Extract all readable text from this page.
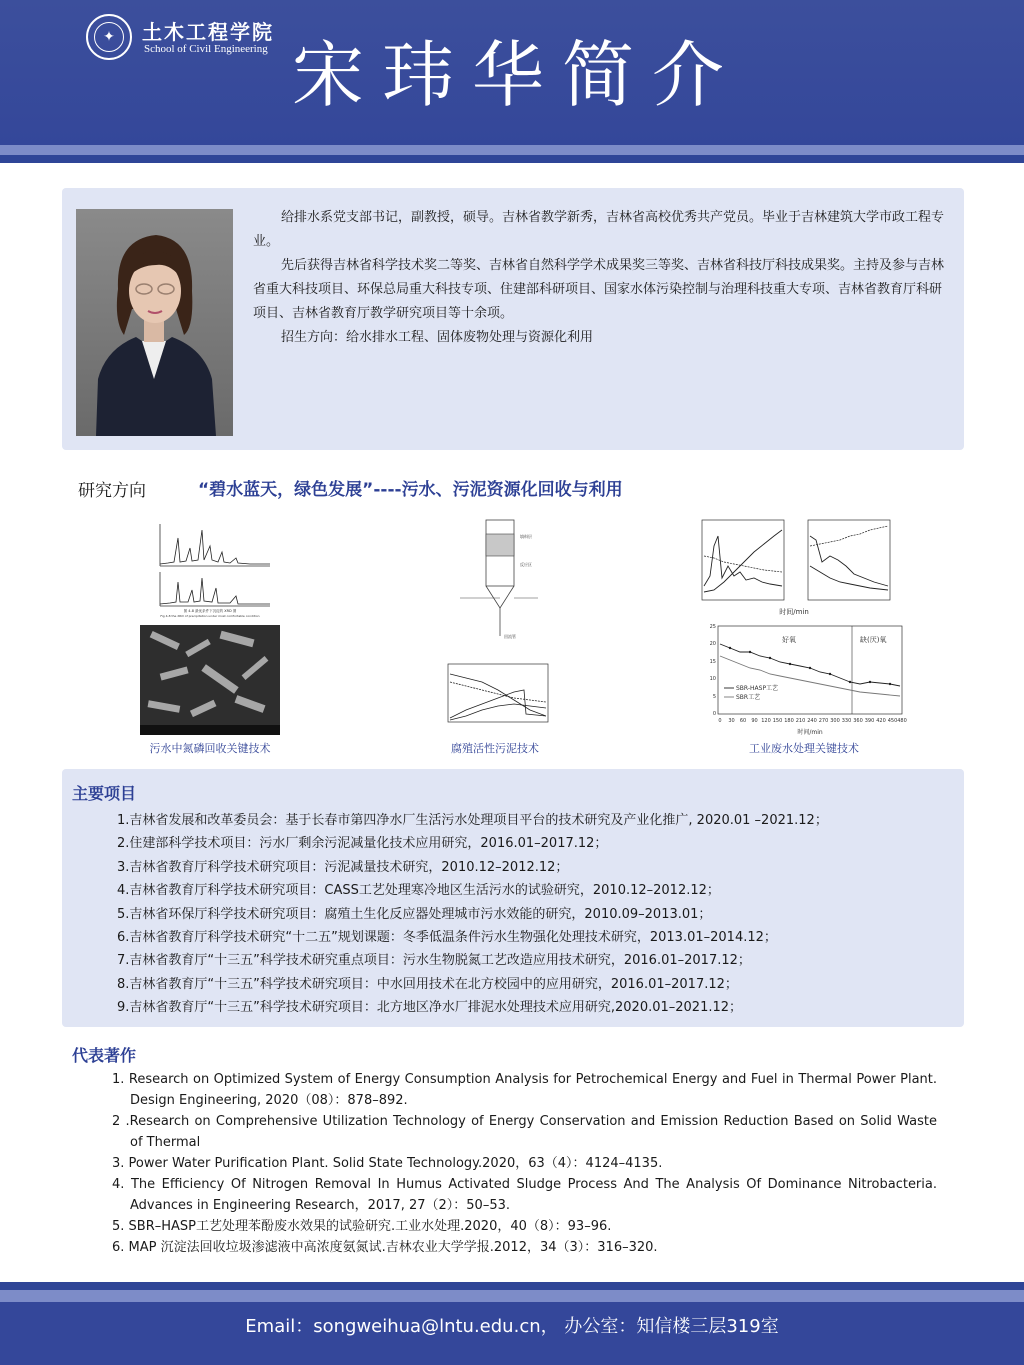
✦	土木工程学院
School of Civil Engineering 宋玮华简介

给排水系党支部书记，副教授，硕导。吉林省教学新秀，吉林省高校优秀共产党员。毕业于吉林建筑大学市政工程专业。

先后获得吉林省科学技术奖二等奖、吉林省自然科学学术成果奖三等奖、吉林省科技厅科技成果奖。主持及参与吉林省重大科技项目、环保总局重大科技专项、住建部科研项目、国家水体污染控制与治理科技重大专项、吉林省教育厅科研项目、吉林省教育厅教学研究项目等十余项。

招生方向：给水排水工程、固体废物处理与资源化利用

研究方向	“碧水蓝天，绿色发展”----污水、污泥资源化回收与利用
图 4-8 最优条件下沉淀的 XRD 图
Fig 4-8 the XRD of precipitation under most comfortable condition
污水中氮磷回收关键技术
填料层
反应区
回流管
腐殖活性污泥技术
时间/min
好氧	缺(厌)氧
SBR-HASP工艺
SBR工艺
0 30 60 90 120 150 180 210 240 270 300 330 360 390 420 450 480
0
5
10
15
20
25
时间/min
工业废水处理关键技术
主要项目
1.吉林省发展和改革委员会：基于长春市第四净水厂生活污水处理项目平台的技术研究及产业化推广, 2020.01 –2021.12；
2.住建部科学技术项目：污水厂剩余污泥减量化技术应用研究，2016.01–2017.12；
3.吉林省教育厅科学技术研究项目：污泥减量技术研究，2010.12–2012.12；
4.吉林省教育厅科学技术研究项目：CASS工艺处理寒冷地区生活污水的试验研究，2010.12–2012.12；
5.吉林省环保厅科学技术研究项目：腐殖土生化反应器处理城市污水效能的研究，2010.09–2013.01；
6.吉林省教育厅科学技术研究“十二五”规划课题：冬季低温条件污水生物强化处理技术研究，2013.01–2014.12；
7.吉林省教育厅“十三五”科学技术研究重点项目：污水生物脱氮工艺改造应用技术研究，2016.01–2017.12；
8.吉林省教育厅“十三五”科学技术研究项目：中水回用技术在北方校园中的应用研究，2016.01–2017.12；
9.吉林省教育厅“十三五”科学技术研究项目：北方地区净水厂排泥水处理技术应用研究,2020.01–2021.12；
代表著作
1. Research on Optimized System of Energy Consumption Analysis for Petrochemical Energy and Fuel in Thermal Power Plant. Design Engineering, 2020（08）：878–892.
2 .Research on Comprehensive Utilization Technology of Energy Conservation and Emission Reduction Based on Solid Waste of Thermal
3. Power Water Purification Plant. Solid State Technology.2020，63（4）：4124–4135.
4. The Efficiency Of Nitrogen Removal In Humus Activated Sludge Process And The Analysis Of Dominance Nitrobacteria. Advances in Engineering Research，2017, 27（2）：50–53.
5. SBR–HASP工艺处理苯酚废水效果的试验研究.工业水处理.2020，40（8）：93–96.
6. MAP 沉淀法回收垃圾渗滤液中高浓度氨氮试.吉林农业大学学报.2012，34（3）：316–320.
Email：songweihua@lntu.edu.cn， 办公室：知信楼三层319室
